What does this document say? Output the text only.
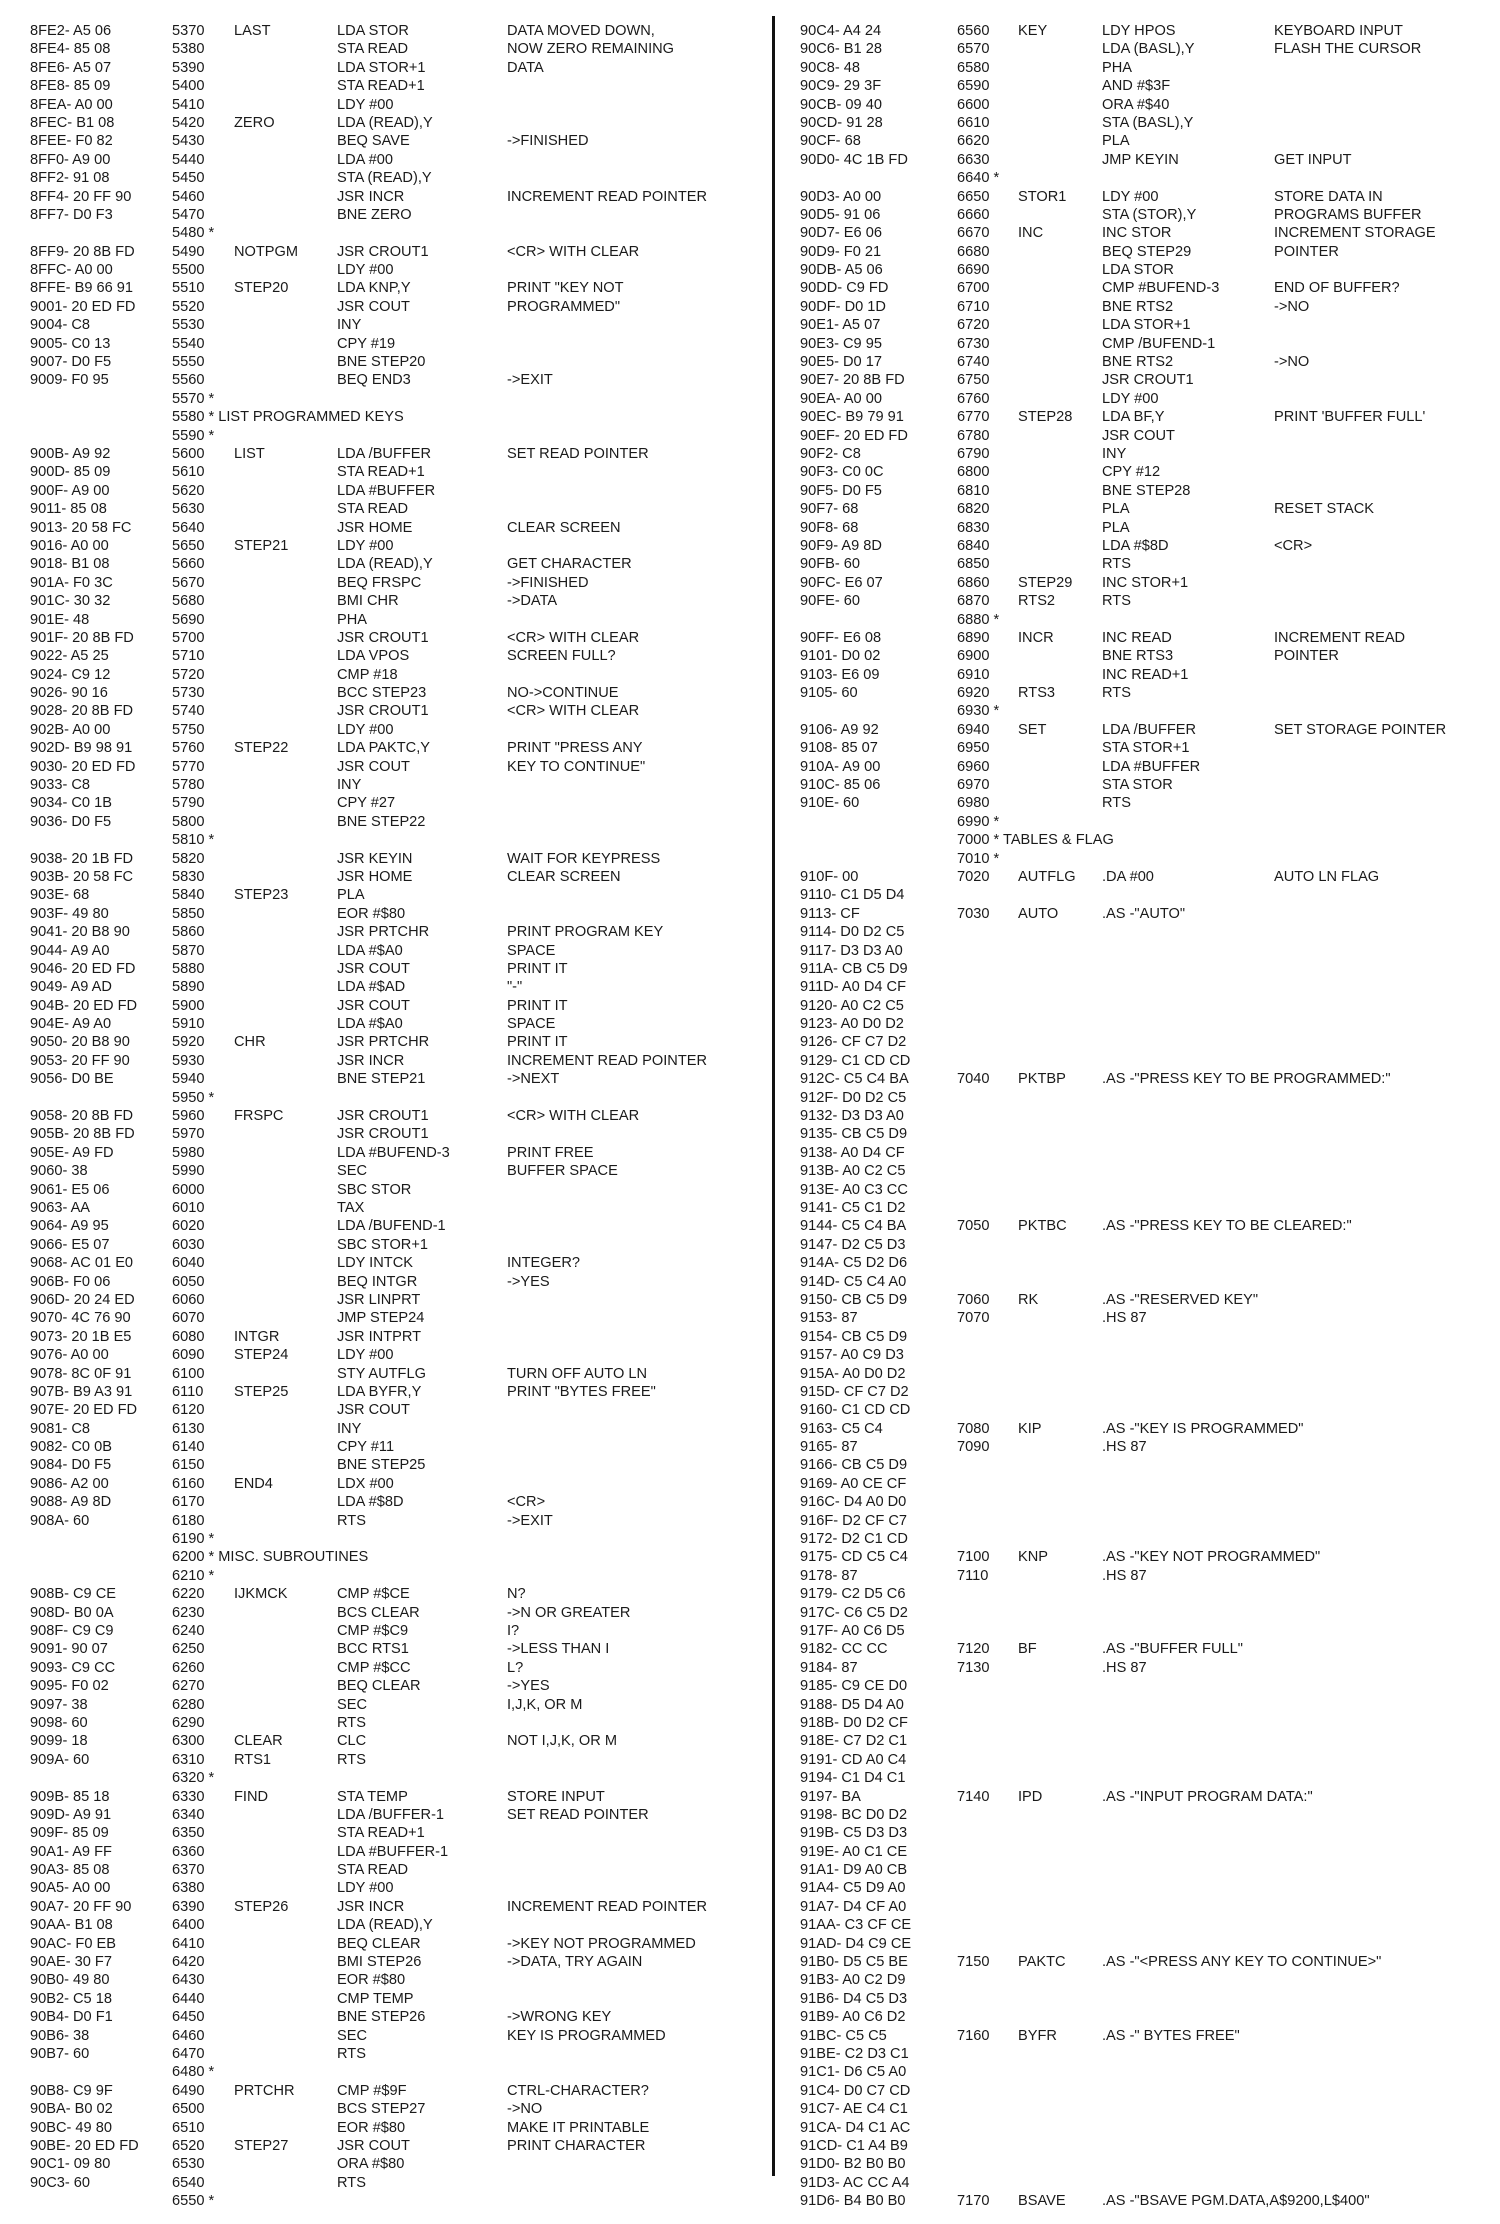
8FE2- A5 06	5370 LAST	LDA STOR	DATA MOVED DOWN,
8FE4- 85 08	5380	STA READ	NOW ZERO REMAINING
8FE6- A5 07	5390	LDA STOR+1	DATA
8FE8- 85 09	5400	STA READ+1
8FEA- A0 00	5410	LDY #00
8FEC- B1 08	5420 ZERO	LDA (READ),Y
8FEE- F0 82	5430	BEQ SAVE	->FINISHED
8FF0- A9 00	5440	LDA #00
8FF2- 91 08	5450	STA (READ),Y
8FF4- 20 FF 90	5460	JSR INCR	INCREMENT READ POINTER
8FF7- D0 F3	5470	BNE ZERO
5480 *
8FF9- 20 8B FD	5490 NOTPGM	JSR CROUT1	<CR> WITH CLEAR
8FFC- A0 00	5500	LDY #00
8FFE- B9 66 91	5510 STEP20	LDA KNP,Y	PRINT "KEY NOT
9001- 20 ED FD	5520	JSR COUT	PROGRAMMED"
9004- C8	5530	INY
9005- C0 13	5540	CPY #19
9007- D0 F5	5550	BNE STEP20
9009- F0 95	5560	BEQ END3	->EXIT
5570 *
5580 * LIST PROGRAMMED KEYS
5590 *
900B- A9 92	5600 LIST	LDA /BUFFER	SET READ POINTER
900D- 85 09	5610	STA READ+1
900F- A9 00	5620	LDA #BUFFER
9011- 85 08	5630	STA READ
9013- 20 58 FC	5640	JSR HOME	CLEAR SCREEN
9016- A0 00	5650 STEP21	LDY #00
9018- B1 08	5660	LDA (READ),Y	GET CHARACTER
901A- F0 3C	5670	BEQ FRSPC	->FINISHED
901C- 30 32	5680	BMI CHR	->DATA
901E- 48	5690	PHA
901F- 20 8B FD	5700	JSR CROUT1	<CR> WITH CLEAR
9022- A5 25	5710	LDA VPOS	SCREEN FULL?
9024- C9 12	5720	CMP #18
9026- 90 16	5730	BCC STEP23	NO->CONTINUE
9028- 20 8B FD	5740	JSR CROUT1	<CR> WITH CLEAR
902B- A0 00	5750	LDY #00
902D- B9 98 91	5760 STEP22	LDA PAKTC,Y	PRINT "PRESS ANY
9030- 20 ED FD	5770	JSR COUT	KEY TO CONTINUE"
9033- C8	5780	INY
9034- C0 1B	5790	CPY #27
9036- D0 F5	5800	BNE STEP22
5810 *
9038- 20 1B FD	5820	JSR KEYIN	WAIT FOR KEYPRESS
903B- 20 58 FC	5830	JSR HOME	CLEAR SCREEN
903E- 68	5840 STEP23	PLA
903F- 49 80	5850	EOR #$80
9041- 20 B8 90	5860	JSR PRTCHR	PRINT PROGRAM KEY
9044- A9 A0	5870	LDA #$A0	SPACE
9046- 20 ED FD	5880	JSR COUT	PRINT IT
9049- A9 AD	5890	LDA #$AD	"-"
904B- 20 ED FD 5900	JSR COUT	PRINT IT
904E- A9 A0	5910	LDA #$A0	SPACE
9050- 20 B8 90	5920 CHR	JSR PRTCHR	PRINT IT
9053- 20 FF 90	5930	JSR INCR	INCREMENT READ POINTER
9056- D0 BE	5940	BNE STEP21	->NEXT
5950 *
9058- 20 8B FD	5960 FRSPC	JSR CROUT1	<CR> WITH CLEAR
905B- 20 8B FD	5970	JSR CROUT1
905E- A9 FD	5980	LDA #BUFEND-3	PRINT FREE
9060- 38	5990	SEC	BUFFER SPACE
9061- E5 06	6000	SBC STOR
9063- AA	6010	TAX
9064- A9 95	6020	LDA /BUFEND-1
9066- E5 07	6030	SBC STOR+1
9068- AC 01 E0	6040	LDY INTCK	INTEGER?
906B- F0 06	6050	BEQ INTGR	->YES
906D- 20 24 ED	6060	JSR LINPRT
9070- 4C 76 90	6070	JMP STEP24
9073- 20 1B E5	6080 INTGR	JSR INTPRT
9076- A0 00	6090 STEP24	LDY #00
9078- 8C 0F 91	6100	STY AUTFLG	TURN OFF AUTO LN
907B- B9 A3 91	6110 STEP25	LDA BYFR,Y	PRINT "BYTES FREE"
907E- 20 ED FD 6120	JSR COUT
9081- C8	6130	INY
9082- C0 0B	6140	CPY #11
9084- D0 F5	6150	BNE STEP25
9086- A2 00	6160 END4	LDX #00
9088- A9 8D	6170	LDA #$8D	<CR>
908A- 60	6180	RTS	->EXIT
6190 *
6200 * MISC. SUBROUTINES
6210 *
908B- C9 CE	6220 IJKMCK	CMP #$CE	N?
908D- B0 0A	6230	BCS CLEAR	->N OR GREATER
908F- C9 C9	6240	CMP #$C9	I?
9091- 90 07	6250	BCC RTS1	->LESS THAN I
9093- C9 CC	6260	CMP #$CC	L?
9095- F0 02	6270	BEQ CLEAR	->YES
9097- 38	6280	SEC	I,J,K, OR M
9098- 60	6290	RTS
9099- 18	6300 CLEAR	CLC	NOT I,J,K, OR M
909A- 60	6310 RTS1	RTS
6320 *
909B- 85 18	6330 FIND	STA TEMP	STORE INPUT
909D- A9 91	6340	LDA /BUFFER-1	SET READ POINTER
909F- 85 09	6350	STA READ+1
90A1- A9 FF	6360	LDA #BUFFER-1
90A3- 85 08	6370	STA READ
90A5- A0 00	6380	LDY #00
90A7- 20 FF 90	6390 STEP26	JSR INCR	INCREMENT READ POINTER
90AA- B1 08	6400	LDA (READ),Y
90AC- F0 EB	6410	BEQ CLEAR	->KEY NOT PROGRAMMED
90AE- 30 F7	6420	BMI STEP26	->DATA, TRY AGAIN
90B0- 49 80	6430	EOR #$80
90B2- C5 18	6440	CMP TEMP
90B4- D0 F1	6450	BNE STEP26	->WRONG KEY
90B6- 38	6460	SEC	KEY IS PROGRAMMED
90B7- 60	6470	RTS
6480 *
90B8- C9 9F	6490 PRTCHR	CMP #$9F	CTRL-CHARACTER?
90BA- B0 02	6500	BCS STEP27	->NO
90BC- 49 80	6510	EOR #$80	MAKE IT PRINTABLE
90BE- 20 ED FD 6520 STEP27	JSR COUT	PRINT CHARACTER
90C1- 09 80	6530	ORA #$80
90C3- 60	6540	RTS
6550 *
90C4- A4 24	6560 KEY	LDY HPOS	KEYBOARD INPUT
90C6- B1 28	6570	LDA (BASL),Y	FLASH THE CURSOR
90C8- 48	6580	PHA
90C9- 29 3F	6590	AND #$3F
90CB- 09 40	6600	ORA #$40
90CD- 91 28	6610	STA (BASL),Y
90CF- 68	6620	PLA
90D0- 4C 1B FD	6630	JMP KEYIN	GET INPUT
6640 *
90D3- A0 00	6650 STOR1 LDY #00	STORE DATA IN
90D5- 91 06	6660	STA (STOR),Y	PROGRAMS BUFFER
90D7- E6 06	6670 INC	INC STOR	INCREMENT STORAGE
90D9- F0 21	6680	BEQ STEP29	POINTER
90DB- A5 06	6690	LDA STOR
90DD- C9 FD	6700	CMP #BUFEND-3	END OF BUFFER?
90DF- D0 1D	6710	BNE RTS2	->NO
90E1- A5 07	6720	LDA STOR+1
90E3- C9 95	6730	CMP /BUFEND-1
90E5- D0 17	6740	BNE RTS2	->NO
90E7- 20 8B FD	6750	JSR CROUT1
90EA- A0 00	6760	LDY #00
90EC- B9 79 91	6770 STEP28 LDA BF,Y	PRINT 'BUFFER FULL'
90EF- 20 ED FD	6780	JSR COUT
90F2- C8	6790	INY
90F3- C0 0C	6800	CPY #12
90F5- D0 F5	6810	BNE STEP28
90F7- 68	6820	PLA	RESET STACK
90F8- 68	6830	PLA
90F9- A9 8D	6840	LDA #$8D	<CR>
90FB- 60	6850	RTS
90FC- E6 07	6860 STEP29 INC STOR+1
90FE- 60	6870 RTS2	RTS
6880 *
90FF- E6 08	6890 INCR	INC READ	INCREMENT READ
9101- D0 02	6900	BNE RTS3	POINTER
9103- E6 09	6910	INC READ+1
9105- 60	6920 RTS3	RTS
6930 *
9106- A9 92	6940 SET	LDA /BUFFER	SET STORAGE POINTER
9108- 85 07	6950	STA STOR+1
910A- A9 00	6960	LDA #BUFFER
910C- 85 06	6970	STA STOR
910E- 60	6980	RTS
6990 *
7000 * TABLES & FLAG
7010 *
910F- 00	7020 AUTFLG .DA #00	AUTO LN FLAG
9110- C1 D5 D4
9113- CF	7030 AUTO	.AS -"AUTO"
9114- D0 D2 C5
9117- D3 D3 A0
911A- CB C5 D9
911D- A0 D4 CF
9120- A0 C2 C5
9123- A0 D0 D2
9126- CF C7 D2
9129- C1 CD CD
912C- C5 C4 BA	7040 PKTBP .AS -"PRESS KEY TO BE PROGRAMMED:"
912F- D0 D2 C5
9132- D3 D3 A0
9135- CB C5 D9
9138- A0 D4 CF
913B- A0 C2 C5
913E- A0 C3 CC
9141- C5 C1 D2
9144- C5 C4 BA	7050 PKTBC .AS -"PRESS KEY TO BE CLEARED:"
9147- D2 C5 D3
914A- C5 D2 D6
914D- C5 C4 A0
9150- CB C5 D9	7060 RK	.AS -"RESERVED KEY"
9153- 87	7070	.HS 87
9154- CB C5 D9
9157- A0 C9 D3
915A- A0 D0 D2
915D- CF C7 D2
9160- C1 CD CD
9163- C5 C4	7080 KIP	.AS -"KEY IS PROGRAMMED"
9165- 87	7090	.HS 87
9166- CB C5 D9
9169- A0 CE CF
916C- D4 A0 D0
916F- D2 CF C7
9172- D2 C1 CD
9175- CD C5 C4	7100 KNP	.AS -"KEY NOT PROGRAMMED"
9178- 87	7110	.HS 87
9179- C2 D5 C6
917C- C6 C5 D2
917F- A0 C6 D5
9182- CC CC	7120 BF	.AS -"BUFFER FULL"
9184- 87	7130	.HS 87
9185- C9 CE D0
9188- D5 D4 A0
918B- D0 D2 CF
918E- C7 D2 C1
9191- CD A0 C4
9194- C1 D4 C1
9197- BA	7140 IPD	.AS -"INPUT PROGRAM DATA:"
9198- BC D0 D2
919B- C5 D3 D3
919E- A0 C1 CE
91A1- D9 A0 CB
91A4- C5 D9 A0
91A7- D4 CF A0
91AA- C3 CF CE
91AD- D4 C9 CE
91B0- D5 C5 BE	7150 PAKTC .AS -"<PRESS ANY KEY TO CONTINUE>"
91B3- A0 C2 D9
91B6- D4 C5 D3
91B9- A0 C6 D2
91BC- C5 C5	7160 BYFR	.AS -" BYTES FREE"
91BE- C2 D3 C1
91C1- D6 C5 A0
91C4- D0 C7 CD
91C7- AE C4 C1
91CA- D4 C1 AC
91CD- C1 A4 B9
91D0- B2 B0 B0
91D3- AC CC A4
91D6- B4 B0 B0	7170 BSAVE .AS -"BSAVE PGM.DATA,A$9200,L$400"
